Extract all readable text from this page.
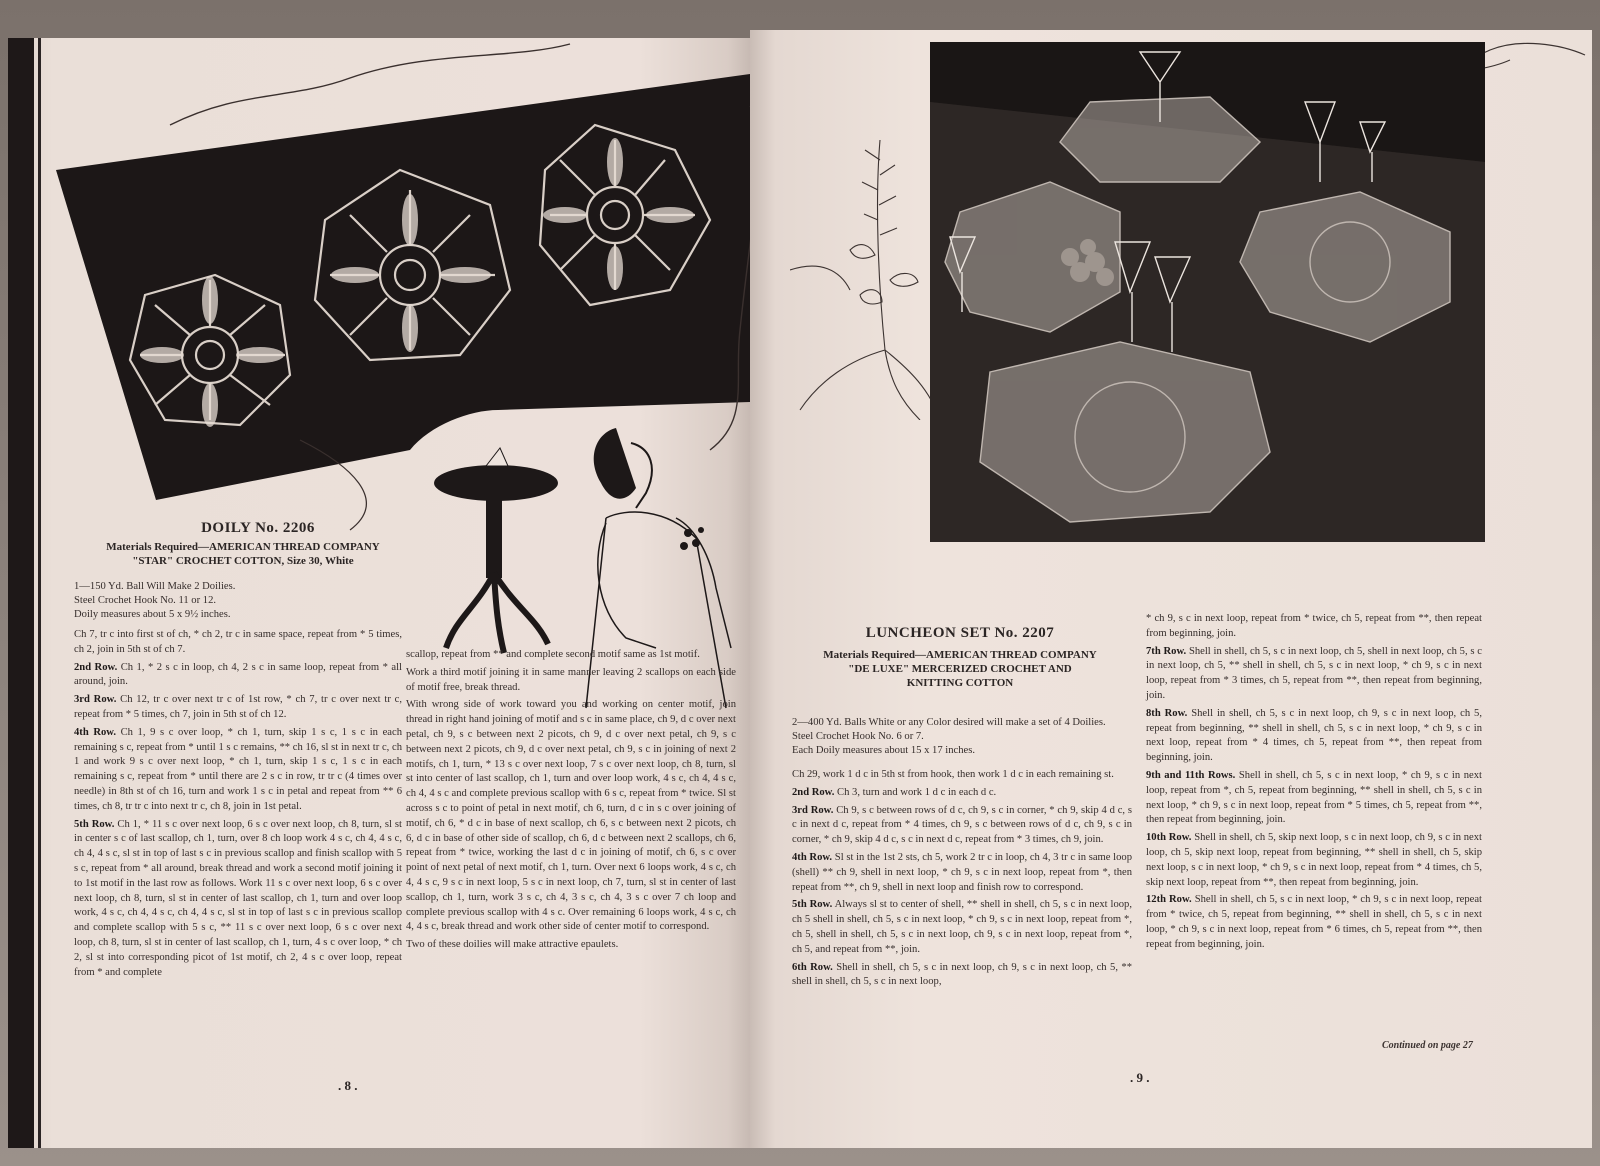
DOILY No. 2206
Materials Required—AMERICAN THREAD COMPANY
"STAR" CROCHET COTTON, Size 30, White

1—150 Yd. Ball Will Make 2 Doilies.

Steel Crochet Hook No. 11 or 12.

Doily measures about 5 x 9½ inches.

Ch 7, tr c into first st of ch, * ch 2, tr c in same space, repeat from * 5 times, ch 2, join in 5th st of ch 7.

2nd Row. Ch 1, * 2 s c in loop, ch 4, 2 s c in same loop, repeat from * all around, join.

3rd Row. Ch 12, tr c over next tr c of 1st row, * ch 7, tr c over next tr c, repeat from * 5 times, ch 7, join in 5th st of ch 12.

4th Row. Ch 1, 9 s c over loop, * ch 1, turn, skip 1 s c, 1 s c in each remaining s c, repeat from * until 1 s c remains, ** ch 16, sl st in next tr c, ch 1 and work 9 s c over next loop, * ch 1, turn, skip 1 s c, 1 s c in each remaining s c, repeat from * until there are 2 s c in row, tr tr c (4 times over needle) in 8th st of ch 16, turn and work 1 s c in petal and repeat from ** 6 times, ch 8, tr tr c into next tr c, ch 8, join in 1st petal.

5th Row. Ch 1, * 11 s c over next loop, 6 s c over next loop, ch 8, turn, sl st in center s c of last scallop, ch 1, turn, over 8 ch loop work 4 s c, ch 4, 4 s c, ch 4, 4 s c, sl st in top of last s c in previous scallop and finish scallop with 5 s c, repeat from * all around, break thread and work a second motif joining it to 1st motif in the last row as follows. Work 11 s c over next loop, 6 s c over next loop, ch 8, turn, sl st in center of last scallop, ch 1, turn and over loop work, 4 s c, ch 4, 4 s c, ch 4, 4 s c, sl st in top of last s c in previous scallop and complete scallop with 5 s c, ** 11 s c over next loop, 6 s c over next loop, ch 8, turn, sl st in center of last scallop, ch 1, turn, 4 s c over loop, * ch 2, sl st into corresponding picot of 1st motif, ch 2, 4 s c over loop, repeat from * and complete

scallop, repeat from ** and complete second motif same as 1st motif.

Work a third motif joining it in same manner leaving 2 scallops on each side of motif free, break thread.

With wrong side of work toward you and working on center motif, join thread in right hand joining of motif and s c in same place, ch 9, d c over next petal, ch 9, s c between next 2 picots, ch 9, d c over next petal, ch 9, s c between next 2 picots, ch 9, d c over next petal, ch 9, s c in joining of next 2 motifs, ch 1, turn, * 13 s c over next loop, 7 s c over next loop, ch 8, turn, sl st into center of last scallop, ch 1, turn and over loop work, 4 s c, ch 4, 4 s c, ch 4, 4 s c and complete previous scallop with 6 s c, repeat from * twice. Sl st across s c to point of petal in next motif, ch 6, turn, d c in s c over joining of motif, ch 6, * d c in base of next scallop, ch 6, s c between next 2 picots, ch 6, d c in base of other side of scallop, ch 6, d c between next 2 scallops, ch 6, repeat from * twice, working the last d c in joining of motif, ch 6, s c over point of next petal of next motif, ch 1, turn. Over next 6 loops work, 4 s c, ch 4, 4 s c, 9 s c in next loop, 5 s c in next loop, ch 7, turn, sl st in center of last scallop, ch 1, turn, work 3 s c, ch 4, 3 s c, ch 4, 3 s c over 7 ch loop and complete previous scallop with 4 s c. Over remaining 6 loops work, 4 s c, ch 4, 4 s c, break thread and work other side of center motif to correspond.

Two of these doilies will make attractive epaulets.

. 8 .
LUNCHEON SET No. 2207
Materials Required—AMERICAN THREAD COMPANY
"DE LUXE" MERCERIZED CROCHET AND
KNITTING COTTON

2—400 Yd. Balls White or any Color desired will make a set of 4 Doilies.

Steel Crochet Hook No. 6 or 7.

Each Doily measures about 15 x 17 inches.

Ch 29, work 1 d c in 5th st from hook, then work 1 d c in each remaining st.

2nd Row. Ch 3, turn and work 1 d c in each d c.

3rd Row. Ch 9, s c between rows of d c, ch 9, s c in corner, * ch 9, skip 4 d c, s c in next d c, repeat from * 4 times, ch 9, s c between rows of d c, ch 9, s c in corner, * ch 9, skip 4 d c, s c in next d c, repeat from * 3 times, ch 9, join.

4th Row. Sl st in the 1st 2 sts, ch 5, work 2 tr c in loop, ch 4, 3 tr c in same loop (shell) ** ch 9, shell in next loop, * ch 9, s c in next loop, repeat from *, then repeat from **, ch 9, shell in next loop and finish row to correspond.

5th Row. Always sl st to center of shell, ** shell in shell, ch 5, s c in next loop, ch 5 shell in shell, ch 5, s c in next loop, * ch 9, s c in next loop, repeat from *, ch 5, shell in shell, ch 5, s c in next loop, ch 9, s c in next loop, repeat from *, ch 5, and repeat from **, join.

6th Row. Shell in shell, ch 5, s c in next loop, ch 9, s c in next loop, ch 5, ** shell in shell, ch 5, s c in next loop,

* ch 9, s c in next loop, repeat from * twice, ch 5, repeat from **, then repeat from beginning, join.

7th Row. Shell in shell, ch 5, s c in next loop, ch 5, shell in next loop, ch 5, s c in next loop, ch 5, ** shell in shell, ch 5, s c in next loop, * ch 9, s c in next loop, repeat from * 3 times, ch 5, repeat from **, then repeat from beginning, join.

8th Row. Shell in shell, ch 5, s c in next loop, ch 9, s c in next loop, ch 5, repeat from beginning, ** shell in shell, ch 5, s c in next loop, * ch 9, s c in next loop, repeat from * 4 times, ch 5, repeat from **, then repeat from beginning, join.

9th and 11th Rows. Shell in shell, ch 5, s c in next loop, * ch 9, s c in next loop, repeat from *, ch 5, repeat from beginning, ** shell in shell, ch 5, s c in next loop, * ch 9, s c in next loop, repeat from * 5 times, ch 5, repeat from **, then repeat from beginning, join.

10th Row. Shell in shell, ch 5, skip next loop, s c in next loop, ch 9, s c in next loop, ch 5, skip next loop, repeat from beginning, ** shell in shell, ch 5, skip next loop, s c in next loop, * ch 9, s c in next loop, repeat from * 4 times, ch 5, skip next loop, repeat from **, then repeat from beginning, join.

12th Row. Shell in shell, ch 5, s c in next loop, * ch 9, s c in next loop, repeat from * twice, ch 5, repeat from beginning, ** shell in shell, ch 5, s c in next loop, * ch 9, s c in next loop, repeat from * 6 times, ch 5, repeat from **, then repeat from beginning, join.

Continued on page 27
. 9 .
